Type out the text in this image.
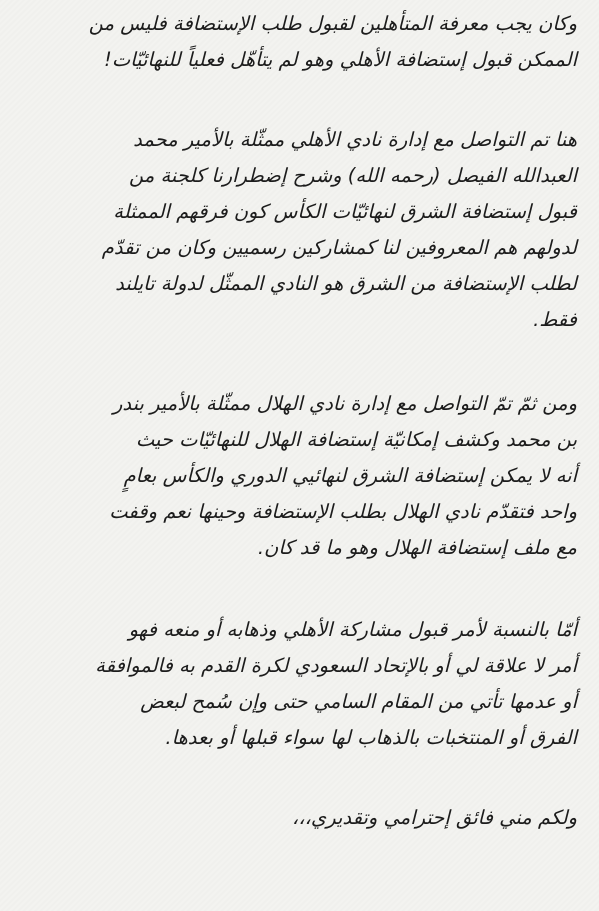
وكان يجب معرفة المتأهلين لقبول طلب الإستضافة فليس من
الممكن قبول إستضافة الأهلي وهو لم يتأهّل فعلياً للنهائيّات!

هنا تم التواصل مع إدارة نادي الأهلي ممثّلة بالأمير محمد
العبدالله الفيصل (رحمه الله) وشرح إضطرارنا كلجنة من
قبول إستضافة الشرق لنهائيّات الكأس كون فرقهم الممثلة
لدولهم هم المعروفين لنا كمشاركين رسميين وكان من تقدّم
لطلب الإستضافة من الشرق هو النادي الممثّل لدولة تايلند
فقط.

ومن ثمّ تمّ التواصل مع إدارة نادي الهلال ممثّلة بالأمير بندر
بن محمد وكشف إمكانيّة إستضافة الهلال للنهائيّات حيث
أنه لا يمكن إستضافة الشرق لنهائيي الدوري والكأس بعامٍ
واحد فتقدّم نادي الهلال بطلب الإستضافة وحينها نعم وقفت
مع ملف إستضافة الهلال وهو ما قد كان.

أمّا بالنسبة لأمر قبول مشاركة الأهلي وذهابه أو منعه فهو
أمر لا علاقة لي أو بالإتحاد السعودي لكرة القدم به فالموافقة
أو عدمها تأتي من المقام السامي حتى وإن سُمح لبعض
الفرق أو المنتخبات بالذهاب لها سواء قبلها أو بعدها.

ولكم مني فائق إحترامي وتقديري،،،
